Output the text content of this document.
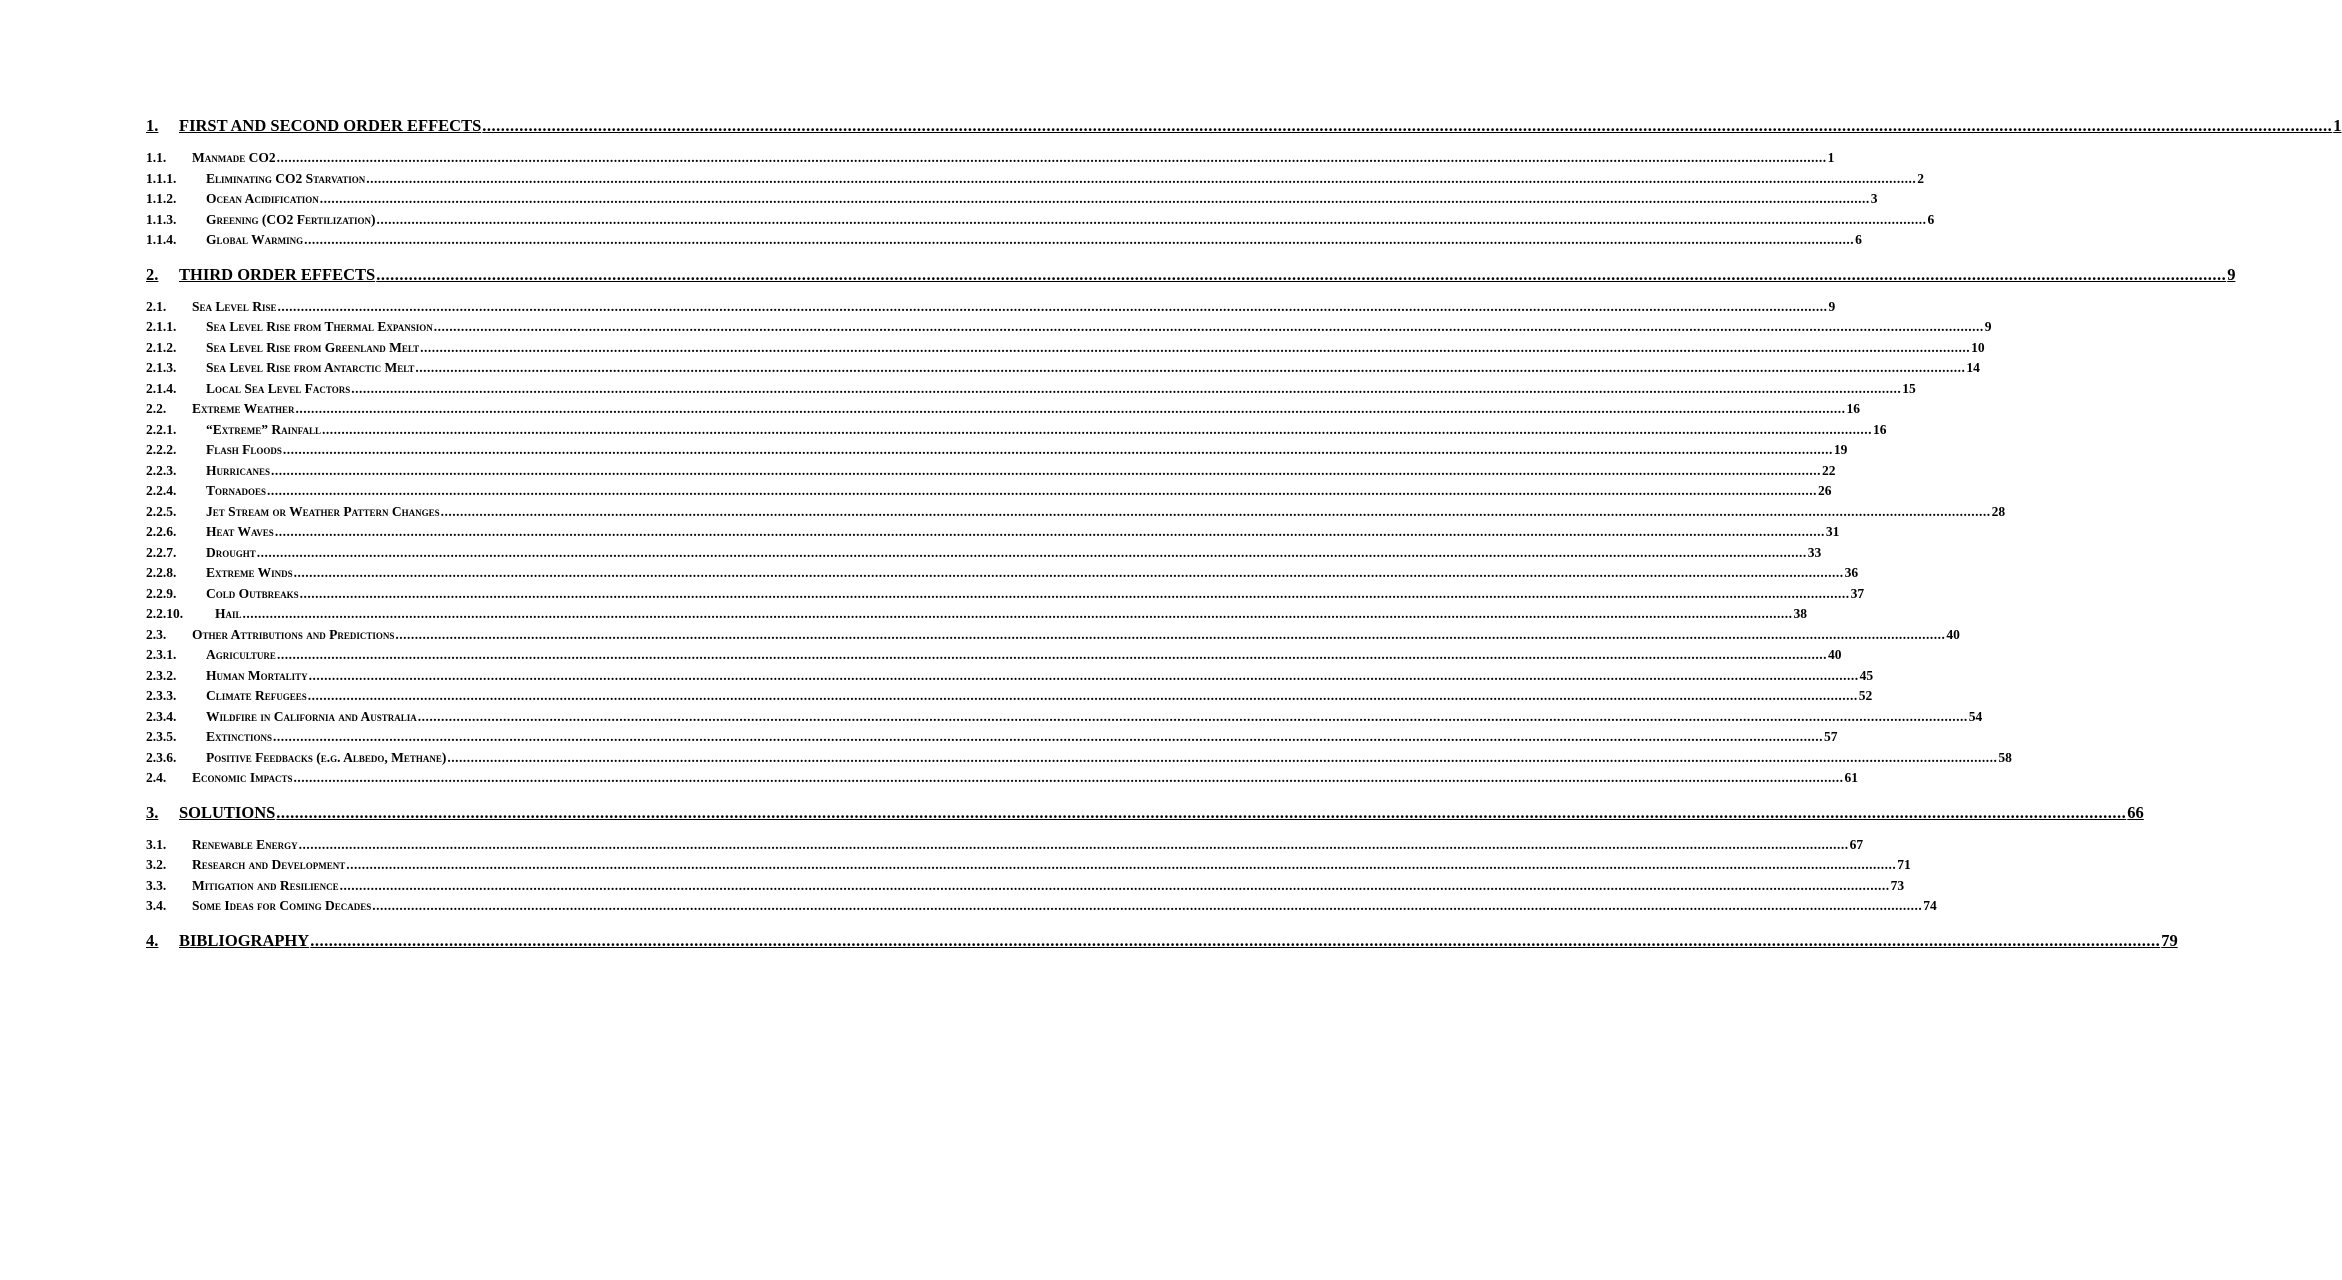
1.	FIRST AND SECOND ORDER EFFECTS ................................................................................................................................................................................................................................................................................................................................................................................................................ 1
1.1.	Manmade CO2 ................................................................................................................................................................................................................................................................................................................................................................................................................ 1
1.1.1.	Eliminating CO2 Starvation ................................................................................................................................................................................................................................................................................................................................................................................................................ 2
1.1.2.	Ocean Acidification ................................................................................................................................................................................................................................................................................................................................................................................................................ 3
1.1.3.	Greening (CO2 Fertilization) ................................................................................................................................................................................................................................................................................................................................................................................................................ 6
1.1.4.	Global Warming ................................................................................................................................................................................................................................................................................................................................................................................................................ 6
2.	THIRD ORDER EFFECTS ................................................................................................................................................................................................................................................................................................................................................................................................................ 9
2.1.	Sea Level Rise ................................................................................................................................................................................................................................................................................................................................................................................................................ 9
2.1.1.	Sea Level Rise from Thermal Expansion ................................................................................................................................................................................................................................................................................................................................................................................................................ 9
2.1.2.	Sea Level Rise from Greenland Melt ................................................................................................................................................................................................................................................................................................................................................................................................................ 10
2.1.3.	Sea Level Rise from Antarctic Melt ................................................................................................................................................................................................................................................................................................................................................................................................................ 14
2.1.4.	Local Sea Level Factors ................................................................................................................................................................................................................................................................................................................................................................................................................ 15
2.2.	Extreme Weather ................................................................................................................................................................................................................................................................................................................................................................................................................ 16
2.2.1.	“Extreme” Rainfall ................................................................................................................................................................................................................................................................................................................................................................................................................ 16
2.2.2.	Flash Floods ................................................................................................................................................................................................................................................................................................................................................................................................................ 19
2.2.3.	Hurricanes ................................................................................................................................................................................................................................................................................................................................................................................................................ 22
2.2.4.	Tornadoes ................................................................................................................................................................................................................................................................................................................................................................................................................ 26
2.2.5.	Jet Stream or Weather Pattern Changes ................................................................................................................................................................................................................................................................................................................................................................................................................ 28
2.2.6.	Heat Waves ................................................................................................................................................................................................................................................................................................................................................................................................................ 31
2.2.7.	Drought ................................................................................................................................................................................................................................................................................................................................................................................................................ 33
2.2.8.	Extreme Winds ................................................................................................................................................................................................................................................................................................................................................................................................................ 36
2.2.9.	Cold Outbreaks ................................................................................................................................................................................................................................................................................................................................................................................................................ 37
2.2.10.	Hail ................................................................................................................................................................................................................................................................................................................................................................................................................ 38
2.3.	Other Attributions and Predictions ................................................................................................................................................................................................................................................................................................................................................................................................................ 40
2.3.1.	Agriculture ................................................................................................................................................................................................................................................................................................................................................................................................................ 40
2.3.2.	Human Mortality ................................................................................................................................................................................................................................................................................................................................................................................................................ 45
2.3.3.	Climate Refugees ................................................................................................................................................................................................................................................................................................................................................................................................................ 52
2.3.4.	Wildfire in California and Australia ................................................................................................................................................................................................................................................................................................................................................................................................................ 54
2.3.5.	Extinctions ................................................................................................................................................................................................................................................................................................................................................................................................................ 57
2.3.6.	Positive Feedbacks (e.g. Albedo, Methane) ................................................................................................................................................................................................................................................................................................................................................................................................................ 58
2.4.	Economic Impacts ................................................................................................................................................................................................................................................................................................................................................................................................................ 61
3.	SOLUTIONS ................................................................................................................................................................................................................................................................................................................................................................................................................ 66
3.1.	Renewable Energy ................................................................................................................................................................................................................................................................................................................................................................................................................ 67
3.2.	Research and Development ................................................................................................................................................................................................................................................................................................................................................................................................................ 71
3.3.	Mitigation and Resilience ................................................................................................................................................................................................................................................................................................................................................................................................................ 73
3.4.	Some Ideas for Coming Decades ................................................................................................................................................................................................................................................................................................................................................................................................................ 74
4.	BIBLIOGRAPHY ................................................................................................................................................................................................................................................................................................................................................................................................................ 79
